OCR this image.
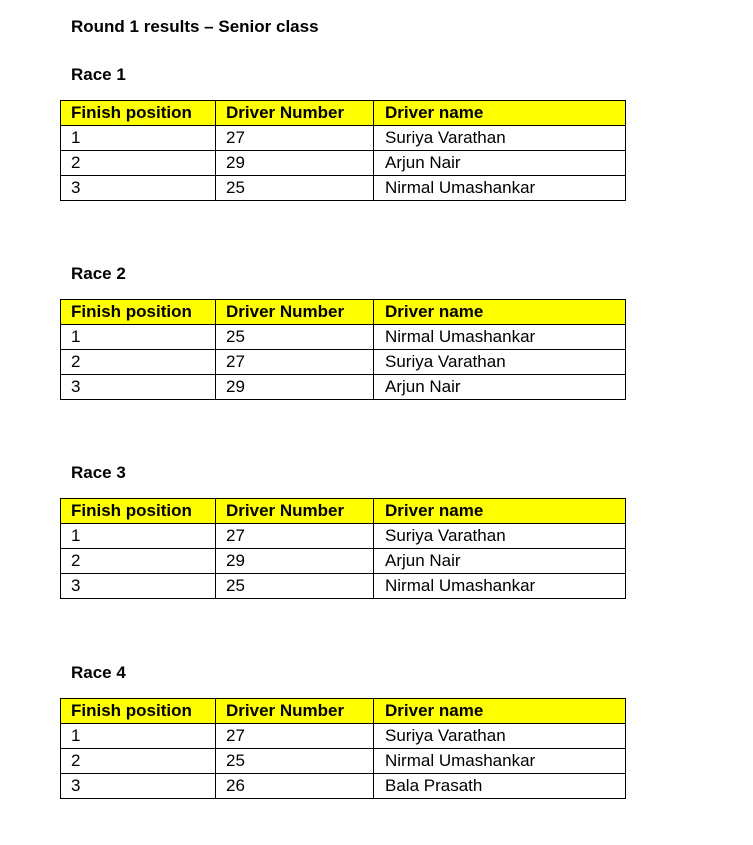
Round 1 results – Senior class
Race 1
Finish position	Driver Number	Driver name
1	27	Suriya Varathan
2	29	Arjun Nair
3	25	Nirmal Umashankar
Race 2
Finish position	Driver Number	Driver name
1	25	Nirmal Umashankar
2	27	Suriya Varathan
3	29	Arjun Nair
Race 3
Finish position	Driver Number	Driver name
1	27	Suriya Varathan
2	29	Arjun Nair
3	25	Nirmal Umashankar
Race 4
Finish position	Driver Number	Driver name
1	27	Suriya Varathan
2	25	Nirmal Umashankar
3	26	Bala Prasath
